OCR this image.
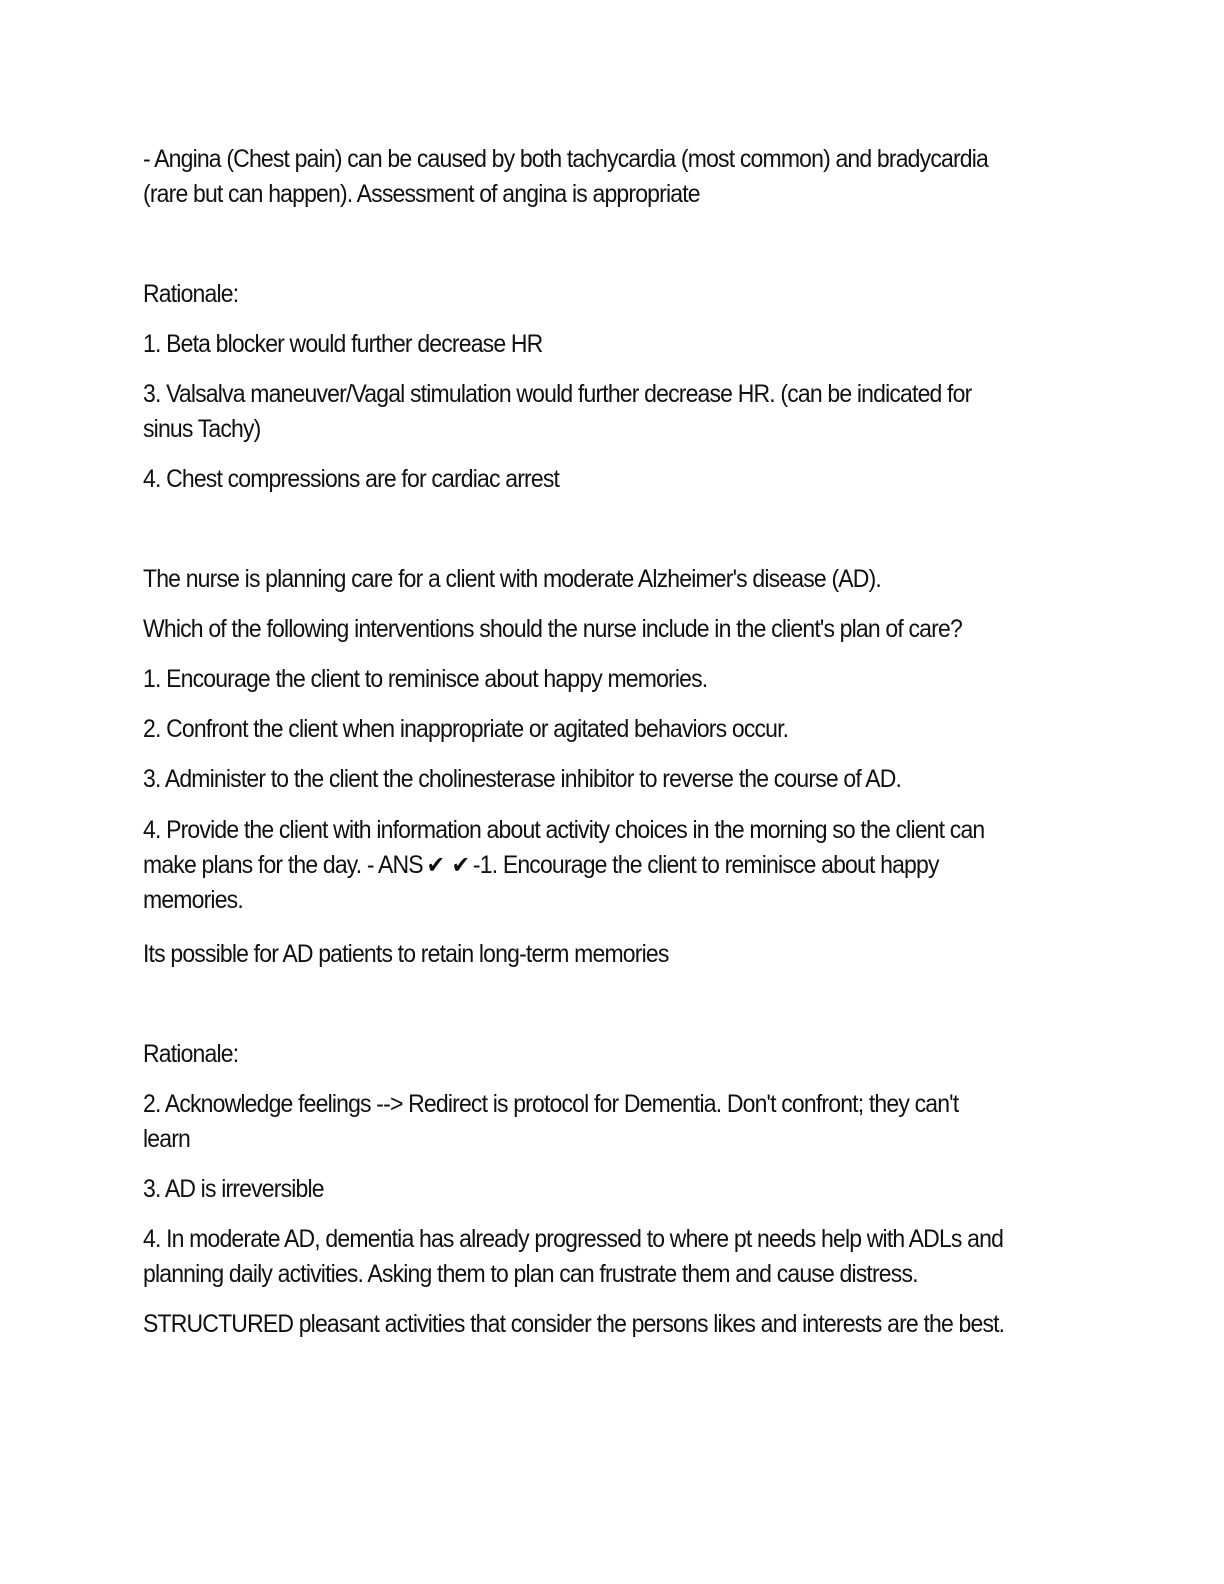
- Angina (Chest pain) can be caused by both tachycardia (most common) and bradycardia (rare but can happen). Assessment of angina is appropriate

Rationale:

1. Beta blocker would further decrease HR

3. Valsalva maneuver/Vagal stimulation would further decrease HR. (can be indicated for sinus Tachy)

4. Chest compressions are for cardiac arrest

The nurse is planning care for a client with moderate Alzheimer's disease (AD).

Which of the following interventions should the nurse include in the client's plan of care?

1. Encourage the client to reminisce about happy memories.

2. Confront the client when inappropriate or agitated behaviors occur.

3. Administer to the client the cholinesterase inhibitor to reverse the course of AD.

4. Provide the client with information about activity choices in the morning so the client can make plans for the day. - ANS ✔ ✔ -1. Encourage the client to reminisce about happy memories.

Its possible for AD patients to retain long-term memories

Rationale:

2. Acknowledge feelings --> Redirect is protocol for Dementia. Don't confront; they can't learn

3. AD is irreversible

4. In moderate AD, dementia has already progressed to where pt needs help with ADLs and planning daily activities. Asking them to plan can frustrate them and cause distress.

STRUCTURED pleasant activities that consider the persons likes and interests are the best.
